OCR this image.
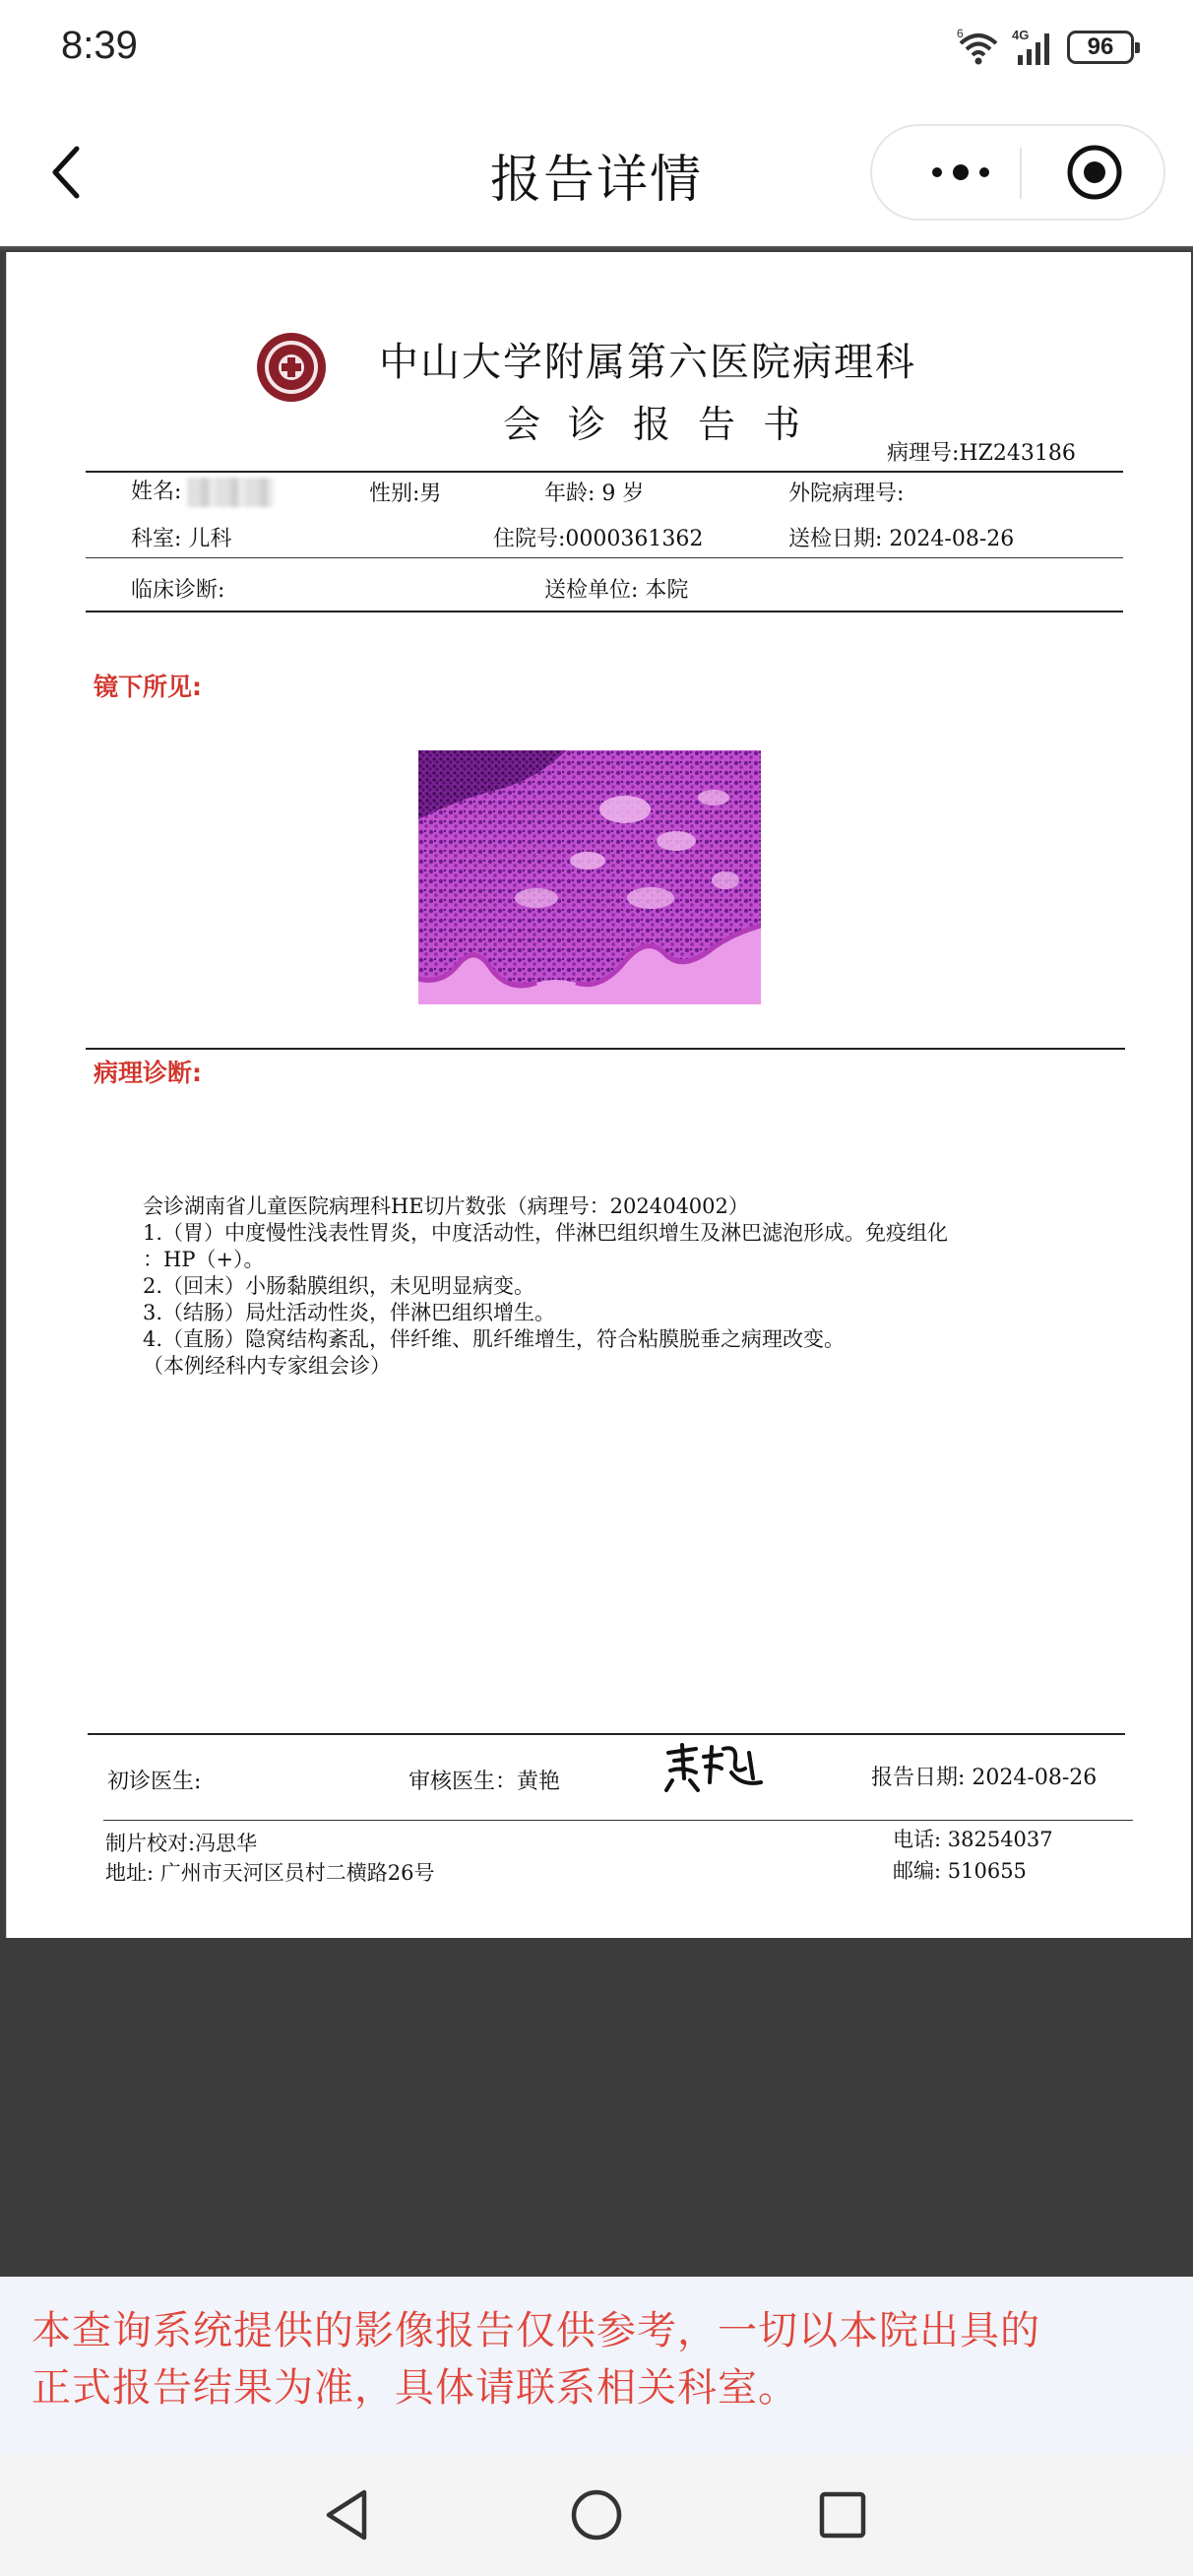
8:39	6	4G 96
报告详情
中山大学附属第六医院病理科
会诊报告书
病理号:HZ243186
姓名:	性别:男	年龄: 9 岁	外院病理号:
科室: 儿科	住院号:0000361362	送检日期: 2024-08-26
临床诊断:	送检单位: 本院
镜下所见:
病理诊断:
会诊湖南省儿童医院病理科HE切片数张（病理号：202404002）
1.（胃）中度慢性浅表性胃炎，中度活动性，伴淋巴组织增生及淋巴滤泡形成。免疫组化
：HP（+）。
2.（回末）小肠黏膜组织，未见明显病变。
3.（结肠）局灶活动性炎，伴淋巴组织增生。
4.（直肠）隐窝结构紊乱，伴纤维、肌纤维增生，符合粘膜脱垂之病理改变。
（本例经科内专家组会诊）
初诊医生:	审核医生：黄艳	报告日期: 2024-08-26
制片校对:冯思华
地址: 广州市天河区员村二横路26号
电话: 38254037
邮编: 510655

本查询系统提供的影像报告仅供参考，一切以本院出具的

正式报告结果为准，具体请联系相关科室。
